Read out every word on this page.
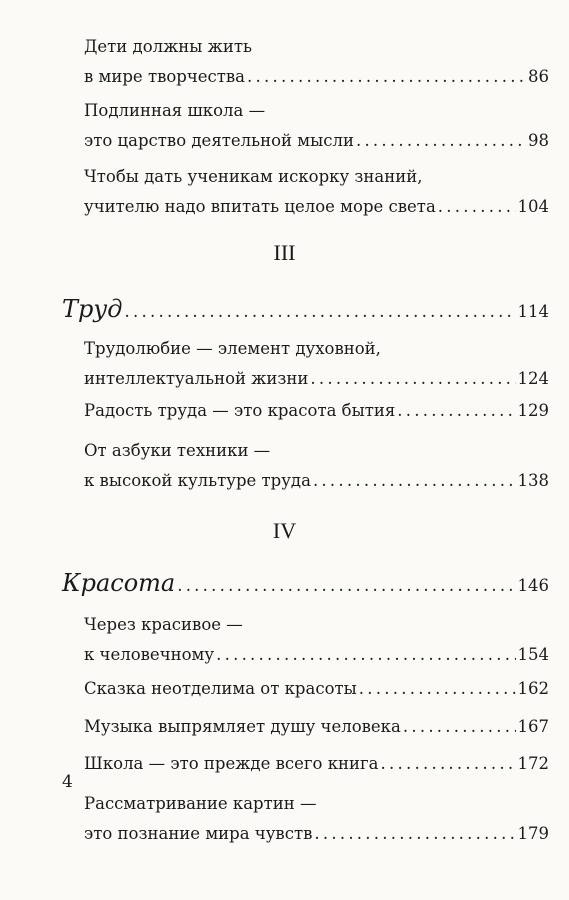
Дети должны жить
в мире творчества . . .	86
Подлинная школа —
это царство деятельной мысли . . .	98
Чтобы дать ученикам искорку знаний,
учителю надо впитать целое море света . . .	104
III
Труд . . .	114
Трудолюбие — элемент духовной,
интеллектуальной жизни . . .	124
Радость труда — это красота бытия . . .	129
От азбуки техники —
к высокой культуре труда . . .	138
IV
Красота . . .	146
Через красивое —
к человечному . . .	154
Сказка неотделима от красоты . . .	162
Музыка выпрямляет душу человека . . .	167
Школа — это прежде всего книга . . .	172
Рассматривание картин —
это познание мира чувств . . .	179
4
